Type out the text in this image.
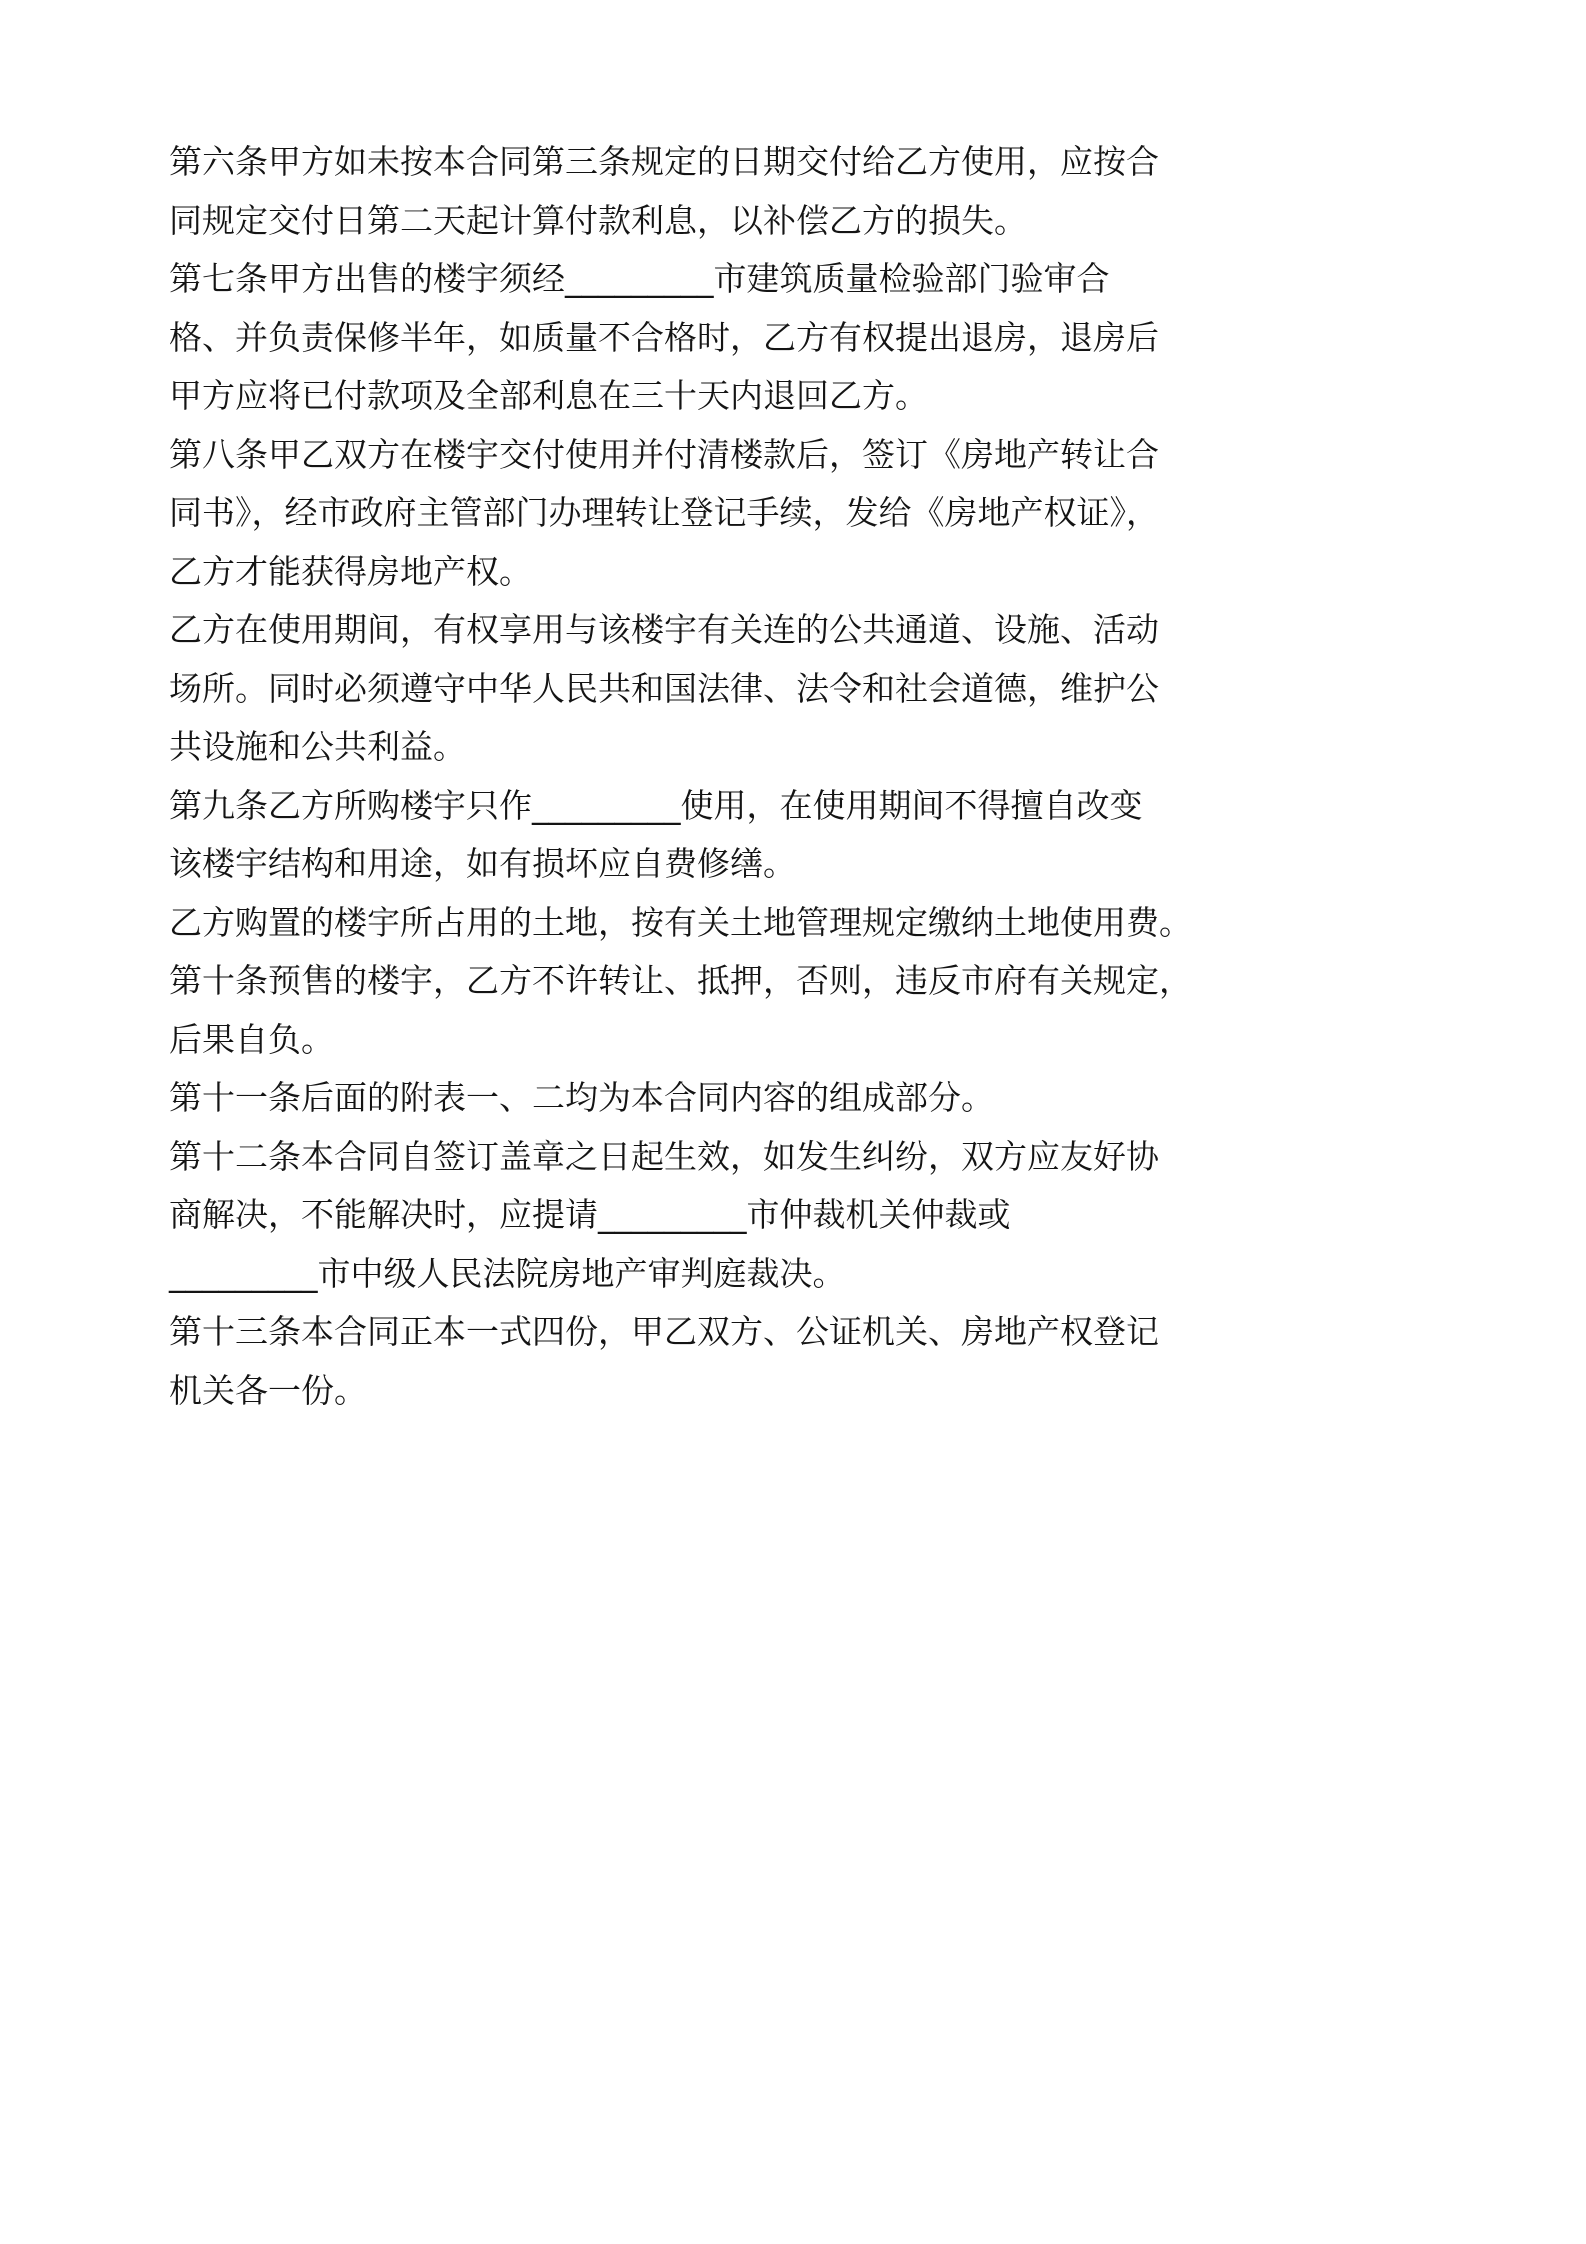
第六条甲方如未按本合同第三条规定的日期交付给乙方使用，应按合

同规定交付日第二天起计算付款利息，以补偿乙方的损失。

第七条甲方出售的楼宇须经_________市建筑质量检验部门验审合

格、并负责保修半年，如质量不合格时，乙方有权提出退房，退房后

甲方应将已付款项及全部利息在三十天内退回乙方。

第八条甲乙双方在楼宇交付使用并付清楼款后，签订《房地产转让合

同书》，经市政府主管部门办理转让登记手续，发给《房地产权证》，

乙方才能获得房地产权。

乙方在使用期间，有权享用与该楼宇有关连的公共通道、设施、活动

场所。同时必须遵守中华人民共和国法律、法令和社会道德，维护公

共设施和公共利益。

第九条乙方所购楼宇只作_________使用，在使用期间不得擅自改变

该楼宇结构和用途，如有损坏应自费修缮。

乙方购置的楼宇所占用的土地，按有关土地管理规定缴纳土地使用费。

第十条预售的楼宇，乙方不许转让、抵押，否则，违反市府有关规定，

后果自负。

第十一条后面的附表一、二均为本合同内容的组成部分。

第十二条本合同自签订盖章之日起生效，如发生纠纷，双方应友好协

商解决，不能解决时，应提请_________市仲裁机关仲裁或

_________市中级人民法院房地产审判庭裁决。

第十三条本合同正本一式四份，甲乙双方、公证机关、房地产权登记

机关各一份。
